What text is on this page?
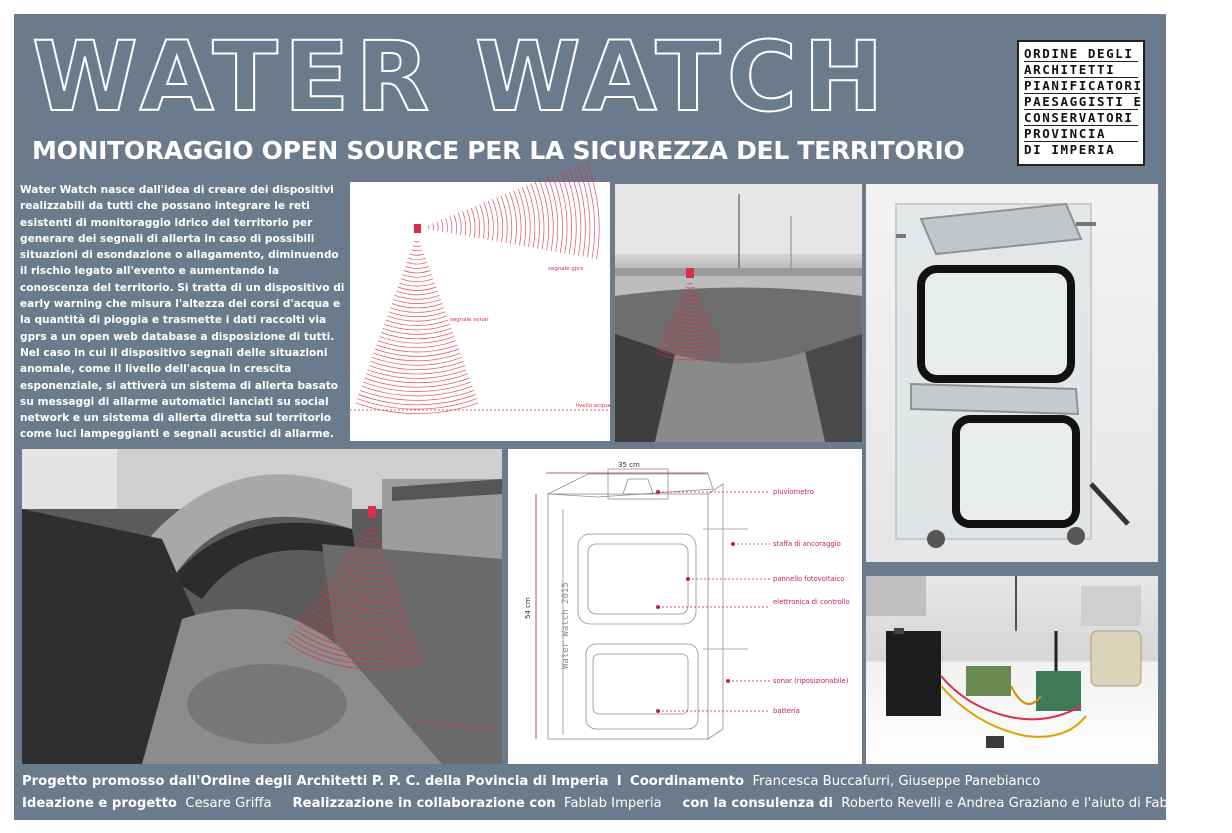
WATER WATCH
MONITORAGGIO OPEN SOURCE PER LA SICUREZZA DEL TERRITORIO
ORDINE DEGLI
ARCHITETTI
PIANIFICATORI
PAESAGGISTI E
CONSERVATORI
PROVINCIA
DI IMPERIA
Water Watch nasce dall'idea di creare dei dispositivi realizzabili da tutti che possano integrare le reti esistenti di monitoraggio idrico del territorio per generare dei segnali di allerta in caso di possibili situazioni di esondazione o allagamento, diminuendo il rischio legato all'evento e aumentando la conoscenza del territorio. Si tratta di un dispositivo di early warning che misura l'altezza dei corsi d'acqua e la quantità di pioggia e trasmette i dati raccolti via gprs a un open web database a disposizione di tutti. Nel caso in cui il dispositivo segnali delle situazioni anomale, come il livello dell'acqua in crescita esponenziale, si attiverà un sistema di allerta basato su messaggi di allarme automatici lanciati su social network e un sistema di allerta diretta sul territorio come luci lampeggianti e segnali acustici di allarme.
segnale gprs
segnale sonar
livello acqua
35 cm
54 cm	Water Watch 2015
pluviometro
staffa di ancoraggio
pannello fotovoltaico
elettronica di controllo
sonar (riposizionabile)
batteria
Progetto promosso dall'Ordine degli Architetti P. P. C. della Povincia di Imperia I Coordinamento Francesca Buccafurri, Giuseppe Panebianco
Ideazione e progetto Cesare Griffa Realizzazione in collaborazione con Fablab Imperia con la consulenza di Roberto Revelli e Andrea Graziano e l'aiuto di Fablab Torino
